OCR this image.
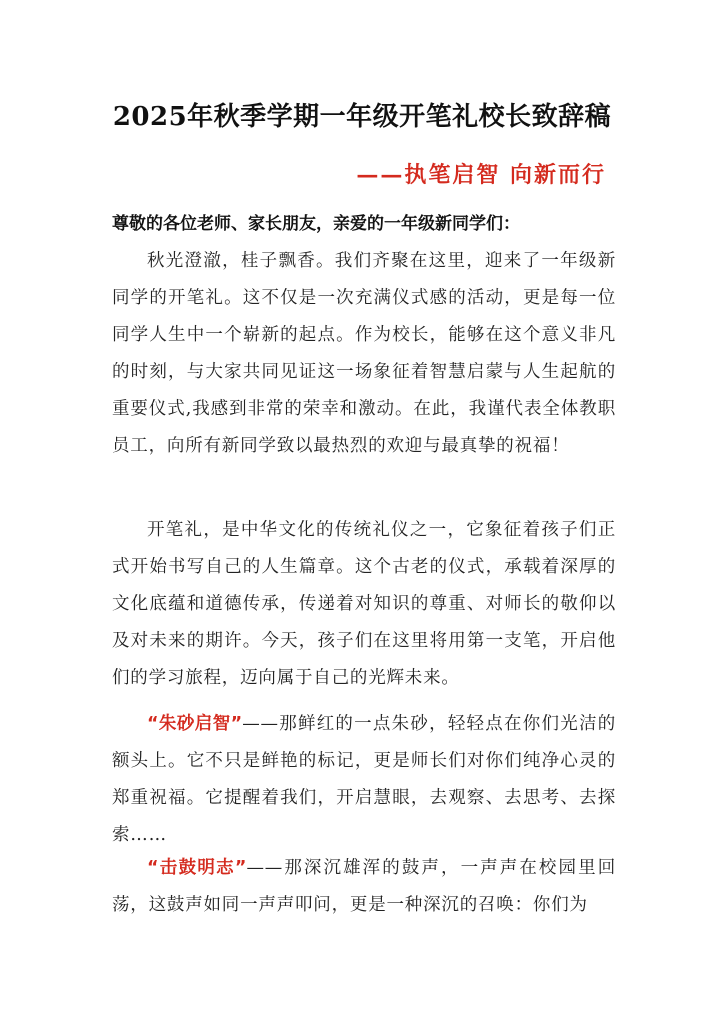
2025年秋季学期一年级开笔礼校长致辞稿

——执笔启智 向新而行

尊敬的各位老师、家长朋友，亲爱的一年级新同学们：

秋光澄澈，桂子飘香。我们齐聚在这里，迎来了一年级新同学的开笔礼。这不仅是一次充满仪式感的活动，更是每一位同学人生中一个崭新的起点。作为校长，能够在这个意义非凡的时刻，与大家共同见证这一场象征着智慧启蒙与人生起航的重要仪式,我感到非常的荣幸和激动。在此，我谨代表全体教职员工，向所有新同学致以最热烈的欢迎与最真挚的祝福！

开笔礼，是中华文化的传统礼仪之一，它象征着孩子们正式开始书写自己的人生篇章。这个古老的仪式，承载着深厚的文化底蕴和道德传承，传递着对知识的尊重、对师长的敬仰以及对未来的期许。今天，孩子们在这里将用第一支笔，开启他们的学习旅程，迈向属于自己的光辉未来。

“朱砂启智”——那鲜红的一点朱砂，轻轻点在你们光洁的额头上。它不只是鲜艳的标记，更是师长们对你们纯净心灵的郑重祝福。它提醒着我们，开启慧眼，去观察、去思考、去探索……

“击鼓明志”——那深沉雄浑的鼓声，一声声在校园里回荡，这鼓声如同一声声叩问，更是一种深沉的召唤：你们为
